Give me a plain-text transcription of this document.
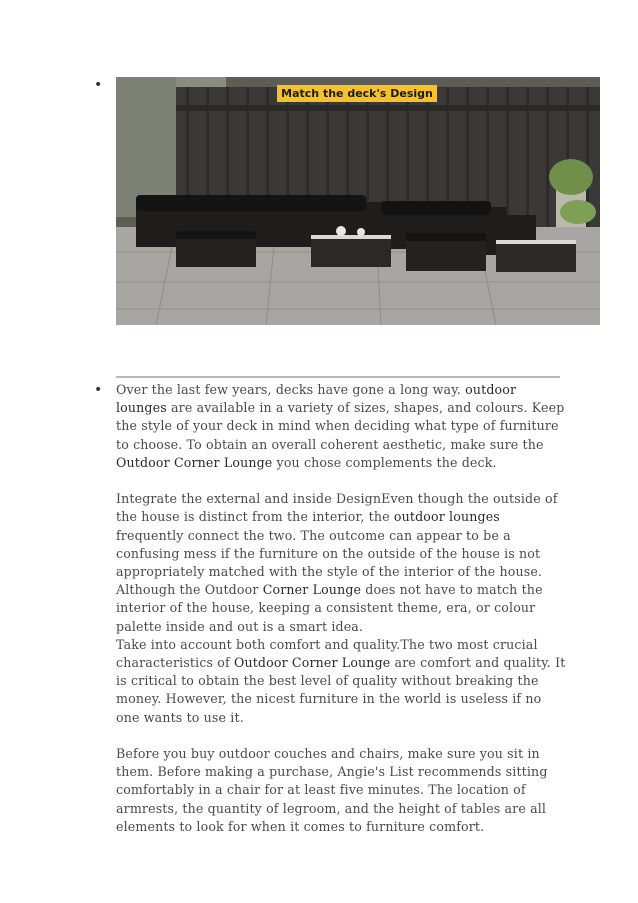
•
Match the deck's Design
• Over the last few years, decks have gone a long way. outdoor lounges are available in a variety of sizes, shapes, and colours. Keep the style of your deck in mind when deciding what type of furniture to choose. To obtain an overall coherent aesthetic, make sure the Outdoor Corner Lounge you chose complements the deck.

Integrate the external and inside DesignEven though the outside of the house is distinct from the interior, the outdoor lounges frequently connect the two. The outcome can appear to be a confusing mess if the furniture on the outside of the house is not appropriately matched with the style of the interior of the house. Although the Outdoor Corner Lounge does not have to match the interior of the house, keeping a consistent theme, era, or colour palette inside and out is a smart idea.

Take into account both comfort and quality.The two most crucial characteristics of Outdoor Corner Lounge are comfort and quality. It is critical to obtain the best level of quality without breaking the money. However, the nicest furniture in the world is useless if no one wants to use it.

Before you buy outdoor couches and chairs, make sure you sit in them. Before making a purchase, Angie's List recommends sitting comfortably in a chair for at least five minutes. The location of armrests, the quantity of legroom, and the height of tables are all elements to look for when it comes to furniture comfort.
